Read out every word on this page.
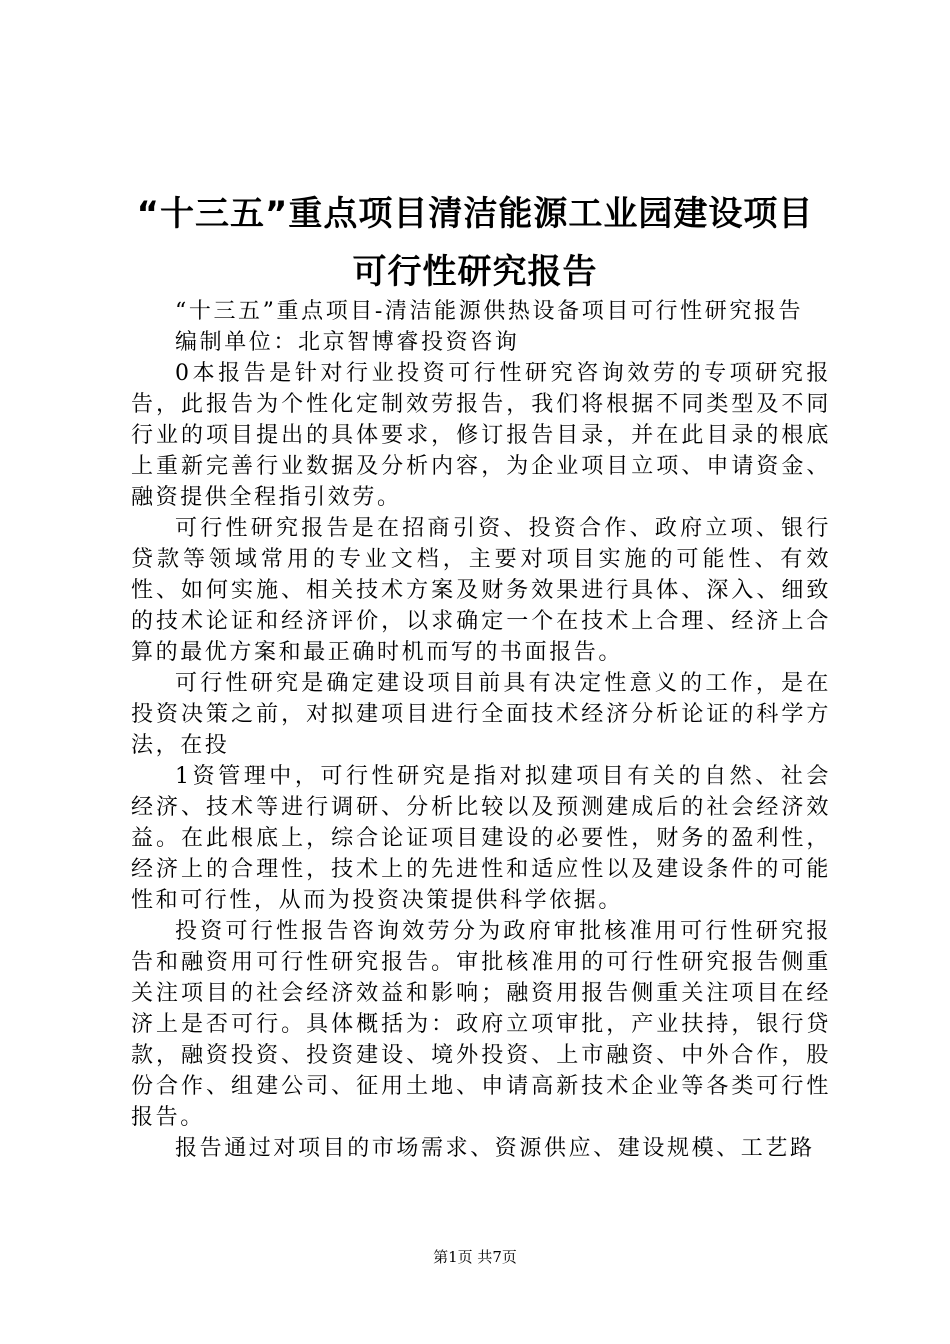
“十三五”重点项目清洁能源工业园建设项目
可行性研究报告

“十三五”重点项目-清洁能源供热设备项目可行性研究报告

编制单位：北京智博睿投资咨询

0本报告是针对行业投资可行性研究咨询效劳的专项研究报告，此报告为个性化定制效劳报告，我们将根据不同类型及不同行业的项目提出的具体要求，修订报告目录，并在此目录的根底上重新完善行业数据及分析内容，为企业项目立项、申请资金、融资提供全程指引效劳。

可行性研究报告是在招商引资、投资合作、政府立项、银行贷款等领域常用的专业文档，主要对项目实施的可能性、有效性、如何实施、相关技术方案及财务效果进行具体、深入、细致的技术论证和经济评价，以求确定一个在技术上合理、经济上合算的最优方案和最正确时机而写的书面报告。

可行性研究是确定建设项目前具有决定性意义的工作，是在投资决策之前，对拟建项目进行全面技术经济分析论证的科学方法，在投

1资管理中，可行性研究是指对拟建项目有关的自然、社会经济、技术等进行调研、分析比较以及预测建成后的社会经济效益。在此根底上，综合论证项目建设的必要性，财务的盈利性，经济上的合理性，技术上的先进性和适应性以及建设条件的可能性和可行性，从而为投资决策提供科学依据。

投资可行性报告咨询效劳分为政府审批核准用可行性研究报告和融资用可行性研究报告。审批核准用的可行性研究报告侧重关注项目的社会经济效益和影响；融资用报告侧重关注项目在经济上是否可行。具体概括为：政府立项审批，产业扶持，银行贷款，融资投资、投资建设、境外投资、上市融资、中外合作，股份合作、组建公司、征用土地、申请高新技术企业等各类可行性报告。

报告通过对项目的市场需求、资源供应、建设规模、工艺路

第1页 共7页
